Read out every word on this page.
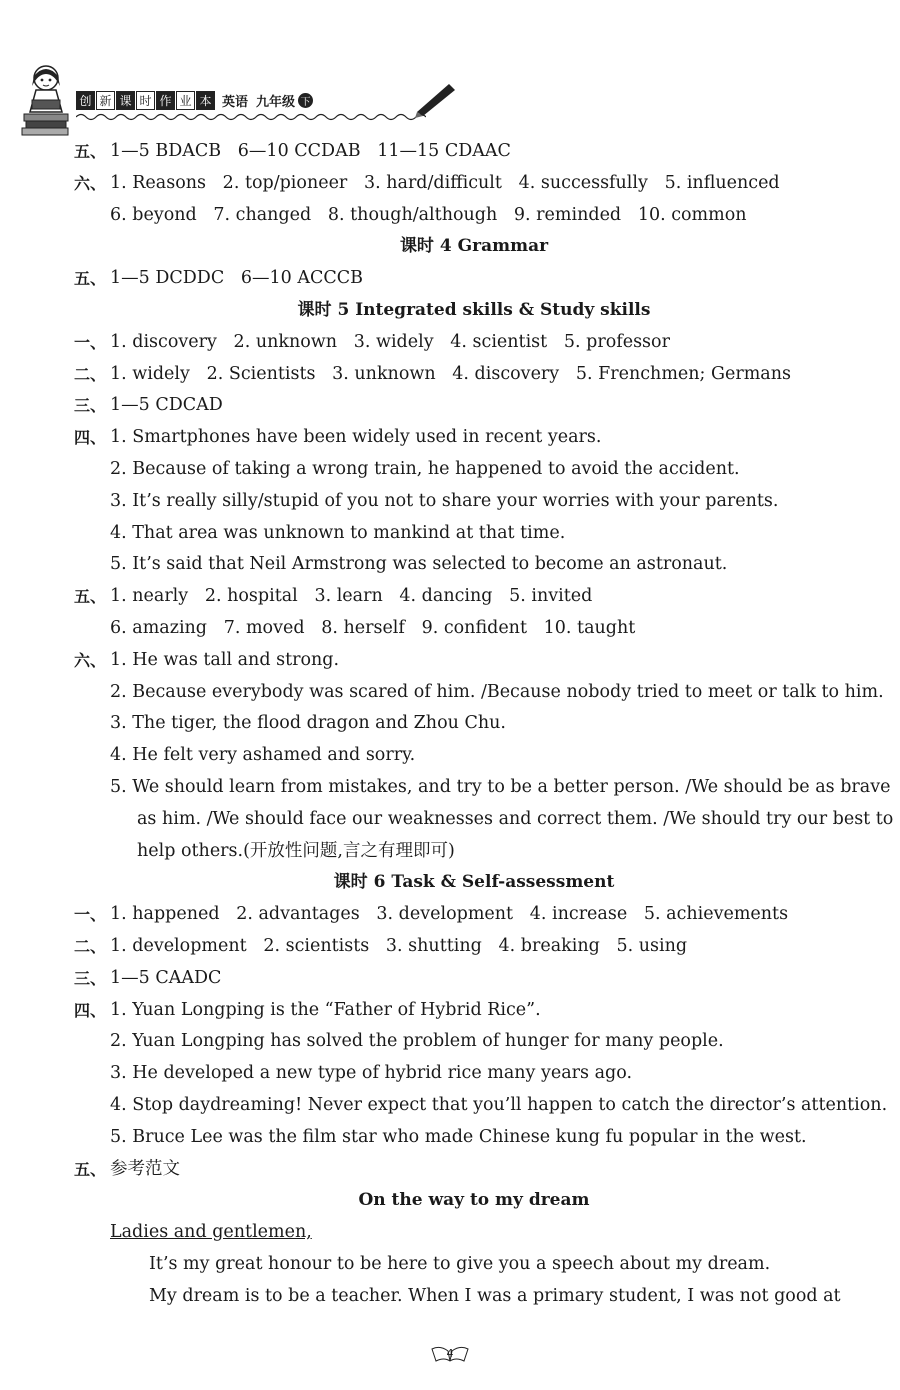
创 新 课 时 作 业 本 英语 九年级 下
五、 1—5 BDACB   6—10 CCDAB   11—15 CDAAC
六、 1. Reasons   2. top/pioneer   3. hard/difficult   4. successfully   5. influenced
6. beyond   7. changed   8. though/although   9. reminded   10. common
课时 4 Grammar
五、 1—5 DCDDC   6—10 ACCCB
课时 5 Integrated skills & Study skills
一、 1. discovery   2. unknown   3. widely   4. scientist   5. professor
二、 1. widely   2. Scientists   3. unknown   4. discovery   5. Frenchmen; Germans
三、 1—5 CDCAD
四、 1. Smartphones have been widely used in recent years.
2. Because of taking a wrong train, he happened to avoid the accident.
3. It’s really silly/stupid of you not to share your worries with your parents.
4. That area was unknown to mankind at that time.
5. It’s said that Neil Armstrong was selected to become an astronaut.
五、 1. nearly   2. hospital   3. learn   4. dancing   5. invited
6. amazing   7. moved   8. herself   9. confident   10. taught
六、 1. He was tall and strong.
2. Because everybody was scared of him. /Because nobody tried to meet or talk to him.
3. The tiger, the flood dragon and Zhou Chu.
4. He felt very ashamed and sorry.
5. We should learn from mistakes, and try to be a better person. /We should be as brave
as him. /We should face our weaknesses and correct them. /We should try our best to
help others.(开放性问题,言之有理即可)
课时 6 Task & Self-assessment
一、 1. happened   2. advantages   3. development   4. increase   5. achievements
二、 1. development   2. scientists   3. shutting   4. breaking   5. using
三、 1—5 CAADC
四、 1. Yuan Longping is the “Father of Hybrid Rice”.
2. Yuan Longping has solved the problem of hunger for many people.
3. He developed a new type of hybrid rice many years ago.
4. Stop daydreaming! Never expect that you’ll happen to catch the director’s attention.
5. Bruce Lee was the film star who made Chinese kung fu popular in the west.
五、 参考范文
On the way to my dream
Ladies and gentlemen,
It’s my great honour to be here to give you a speech about my dream.
My dream is to be a teacher. When I was a primary student, I was not good at
4
